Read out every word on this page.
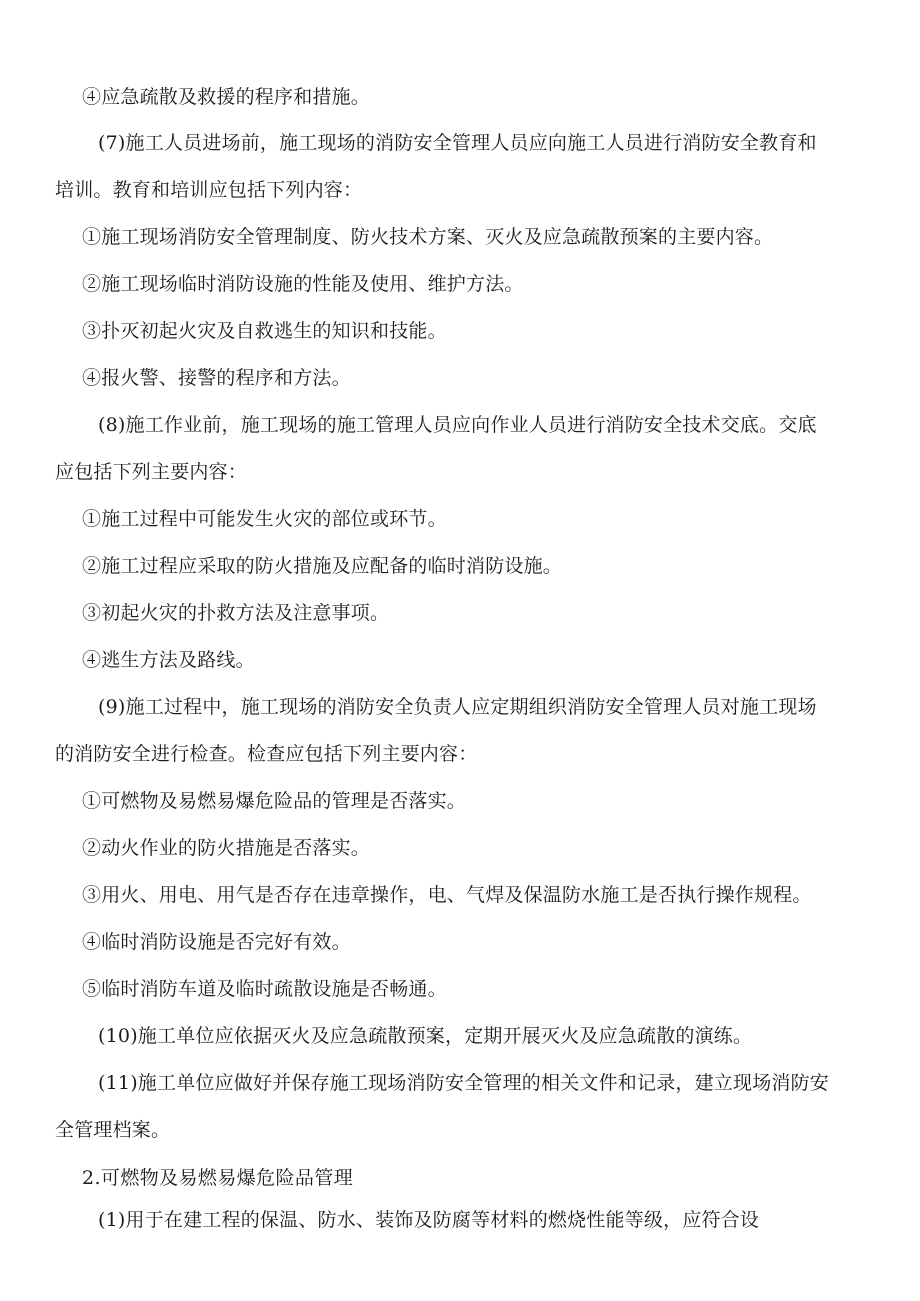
④应急疏散及救援的程序和措施。
(7)施工人员进场前，施工现场的消防安全管理人员应向施工人员进行消防安全教育和
培训。教育和培训应包括下列内容：
①施工现场消防安全管理制度、防火技术方案、灭火及应急疏散预案的主要内容。
②施工现场临时消防设施的性能及使用、维护方法。
③扑灭初起火灾及自救逃生的知识和技能。
④报火警、接警的程序和方法。
(8)施工作业前，施工现场的施工管理人员应向作业人员进行消防安全技术交底。交底
应包括下列主要内容：
①施工过程中可能发生火灾的部位或环节。
②施工过程应采取的防火措施及应配备的临时消防设施。
③初起火灾的扑救方法及注意事项。
④逃生方法及路线。
(9)施工过程中，施工现场的消防安全负责人应定期组织消防安全管理人员对施工现场
的消防安全进行检查。检查应包括下列主要内容：
①可燃物及易燃易爆危险品的管理是否落实。
②动火作业的防火措施是否落实。
③用火、用电、用气是否存在违章操作，电、气焊及保温防水施工是否执行操作规程。
④临时消防设施是否完好有效。
⑤临时消防车道及临时疏散设施是否畅通。
(10)施工单位应依据灭火及应急疏散预案，定期开展灭火及应急疏散的演练。
(11)施工单位应做好并保存施工现场消防安全管理的相关文件和记录，建立现场消防安
全管理档案。
2.可燃物及易燃易爆危险品管理
(1)用于在建工程的保温、防水、装饰及防腐等材料的燃烧性能等级，应符合设
